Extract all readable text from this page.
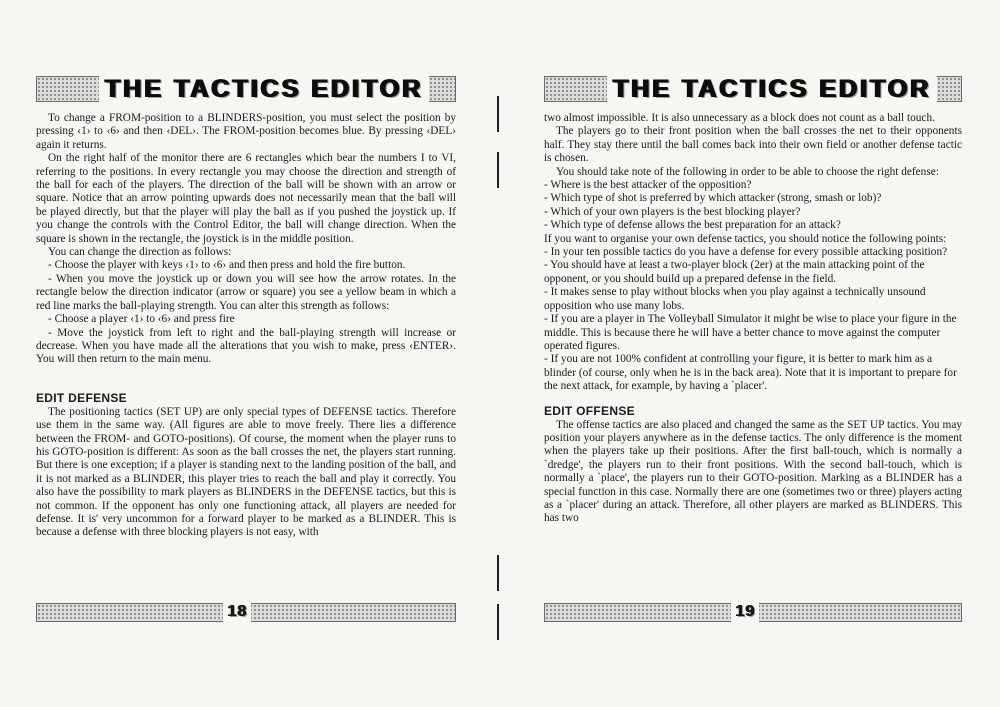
THE TACTICS EDITOR

To change a FROM-position to a BLINDERS-position, you must select the position by pressing ‹1› to ‹6› and then ‹DEL›. The FROM-position becomes blue. By pressing ‹DEL› again it returns.

On the right half of the monitor there are 6 rectangles which bear the numbers I to VI, referring to the positions. In every rectangle you may choose the direction and strength of the ball for each of the players. The direction of the ball will be shown with an arrow or square. Notice that an arrow pointing upwards does not necessarily mean that the ball will be played directly, but that the player will play the ball as if you pushed the joystick up. If you change the controls with the Control Editor, the ball will change direction. When the square is shown in the rectangle, the joystick is in the middle position.

You can change the direction as follows:

- Choose the player with keys ‹1› to ‹6› and then press and hold the fire button.

- When you move the joystick up or down you will see how the arrow rotates. In the rectangle below the direction indicator (arrow or square) you see a yellow beam in which a red line marks the ball-playing strength. You can alter this strength as follows:

- Choose a player ‹1› to ‹6› and press fire

- Move the joystick from left to right and the ball-playing strength will increase or decrease. When you have made all the alterations that you wish to make, press ‹ENTER›. You will then return to the main menu.

EDIT DEFENSE

The positioning tactics (SET UP) are only special types of DEFENSE tactics. Therefore use them in the same way. (All figures are able to move freely. There lies a difference between the FROM- and GOTO-positions). Of course, the moment when the player runs to his GOTO-position is different: As soon as the ball crosses the net, the players start running. But there is one exception; if a player is standing next to the landing position of the ball, and it is not marked as a BLINDER, this player tries to reach the ball and play it correctly. You also have the possibility to mark players as BLINDERS in the DEFENSE tactics, but this is not common. If the opponent has only one functioning attack, all players are needed for defense. It is' very uncommon for a forward player to be marked as a BLINDER. This is because a defense with three blocking players is not easy, with

18
THE TACTICS EDITOR

two almost impossible. It is also unnecessary as a block does not count as a ball touch.

The players go to their front position when the ball crosses the net to their opponents half. They stay there until the ball comes back into their own field or another defense tactic is chosen.

You should take note of the following in order to be able to choose the right defense:

- Where is the best attacker of the opposition?

- Which type of shot is preferred by which attacker (strong, smash or lob)?

- Which of your own players is the best blocking player?

- Which type of defense allows the best preparation for an attack?

If you want to organise your own defense tactics, you should notice the following points:

- In your ten possible tactics do you have a defense for every possible attacking position?

- You should have at least a two-player block (2er) at the main attacking point of the opponent, or you should build up a prepared defense in the field.

- It makes sense to play without blocks when you play against a technically unsound opposition who use many lobs.

- If you are a player in The Volleyball Simulator it might be wise to place your figure in the middle. This is because there he will have a better chance to move against the computer operated figures.

- If you are not 100% confident at controlling your figure, it is better to mark him as a blinder (of course, only when he is in the back area). Note that it is important to prepare for the next attack, for example, by having a `placer'.

EDIT OFFENSE

The offense tactics are also placed and changed the same as the SET UP tactics. You may position your players anywhere as in the defense tactics. The only difference is the moment when the players take up their positions. After the first ball-touch, which is normally a `dredge', the players run to their front positions. With the second ball-touch, which is normally a `place', the players run to their GOTO-position. Marking as a BLINDER has a special function in this case. Normally there are one (sometimes two or three) players acting as a `placer' during an attack. Therefore, all other players are marked as BLINDERS. This has two

19
